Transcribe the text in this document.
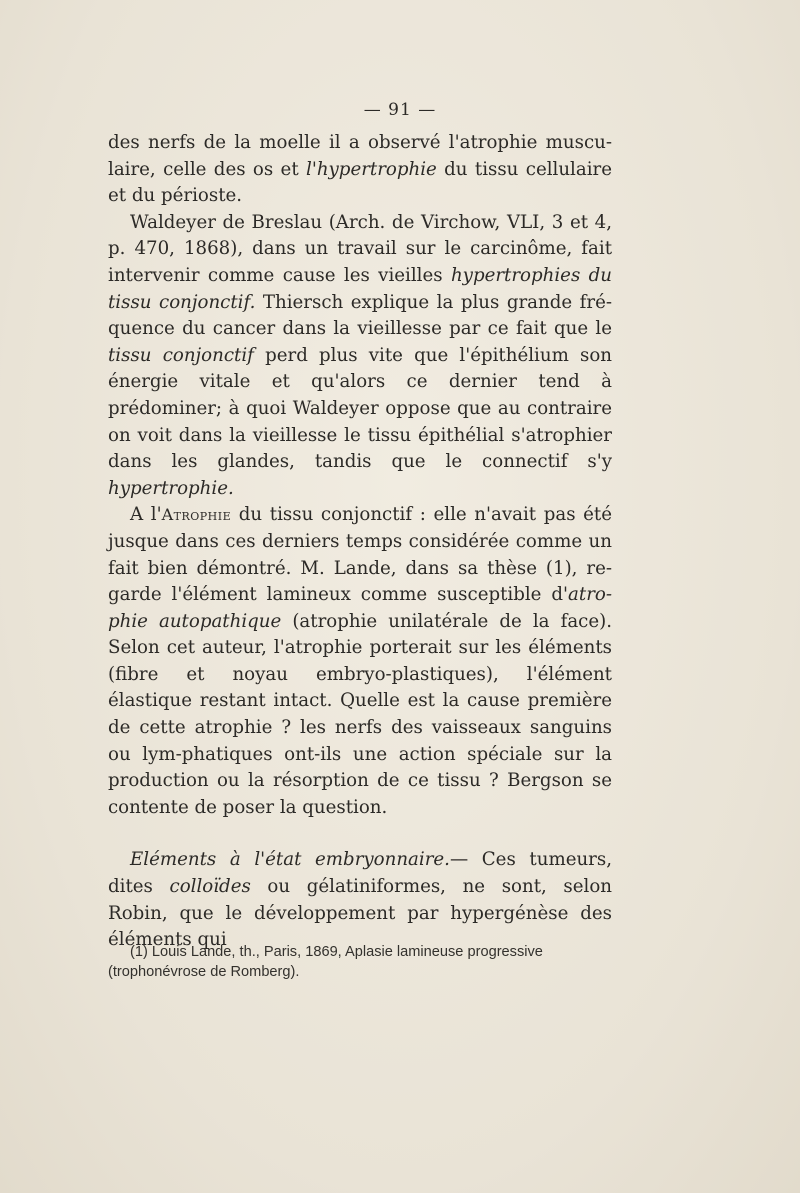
— 91 —

des nerfs de la moelle il a observé l'atrophie muscu-laire, celle des os et l'hypertrophie du tissu cellulaire et du périoste.

Waldeyer de Breslau (Arch. de Virchow, VLI, 3 et 4, p. 470, 1868), dans un travail sur le carcinôme, fait intervenir comme cause les vieilles hypertrophies du tissu conjonctif. Thiersch explique la plus grande fré-quence du cancer dans la vieillesse par ce fait que le tissu conjonctif perd plus vite que l'épithélium son énergie vitale et qu'alors ce dernier tend à prédominer; à quoi Waldeyer oppose que au contraire on voit dans la vieillesse le tissu épithélial s'atrophier dans les glandes, tandis que le connectif s'y hypertrophie.

A l'Atrophie du tissu conjonctif : elle n'avait pas été jusque dans ces derniers temps considérée comme un fait bien démontré. M. Lande, dans sa thèse (1), re-garde l'élément lamineux comme susceptible d'atro-phie autopathique (atrophie unilatérale de la face). Selon cet auteur, l'atrophie porterait sur les éléments (fibre et noyau embryo-plastiques), l'élément élastique restant intact. Quelle est la cause première de cette atrophie ? les nerfs des vaisseaux sanguins ou lym-phatiques ont-ils une action spéciale sur la production ou la résorption de ce tissu ? Bergson se contente de poser la question.

Eléments à l'état embryonnaire.— Ces tumeurs, dites colloïdes ou gélatiniformes, ne sont, selon Robin, que le développement par hypergénèse des éléments qui

(1) Louis Lande, th., Paris, 1869, Aplasie lamineuse progressive

(trophonévrose de Romberg).
